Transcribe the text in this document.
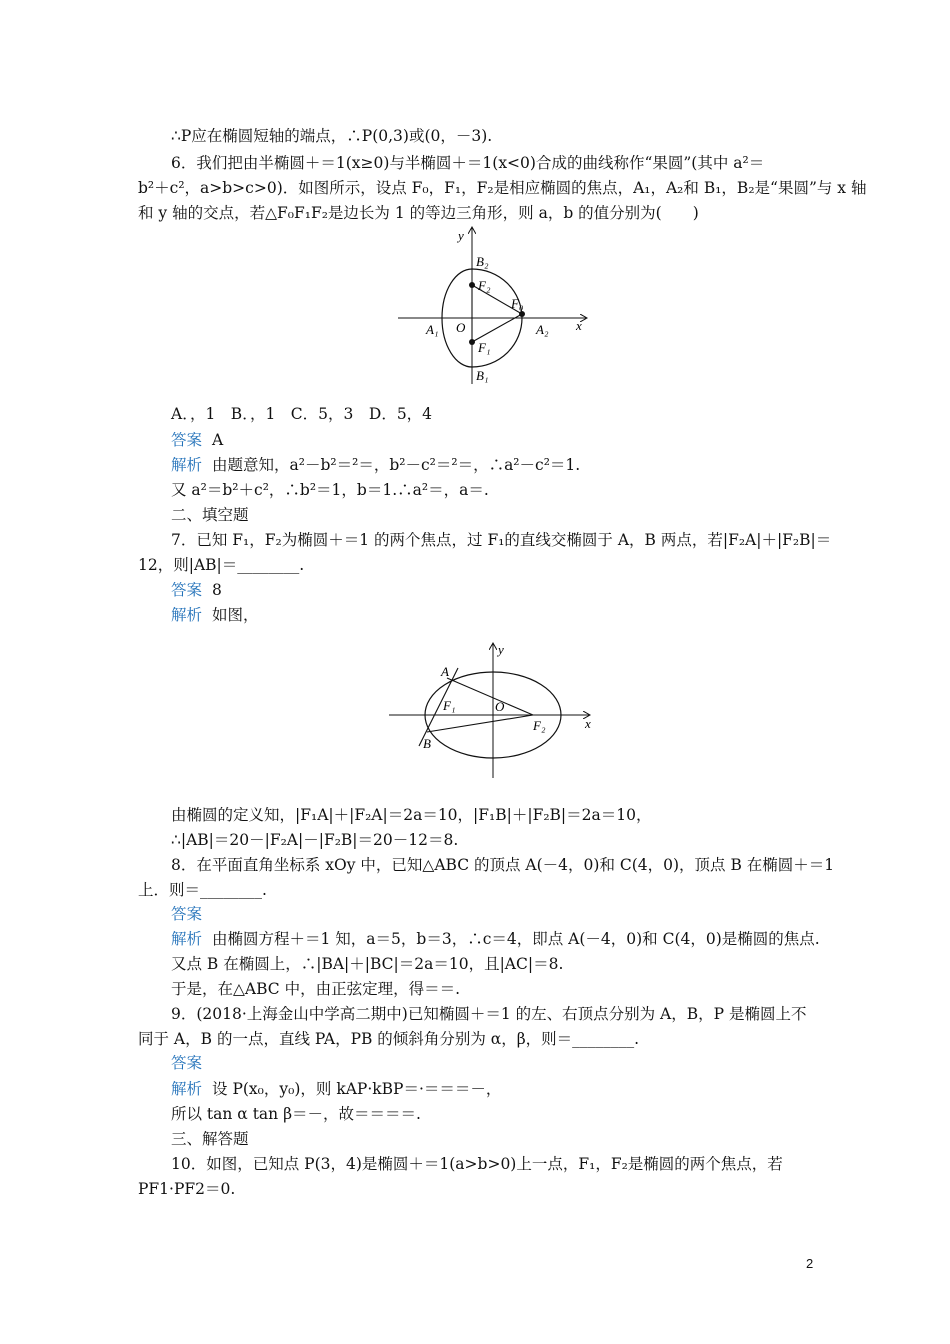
∴P应在椭圆短轴的端点，∴P(0,3)或(0，－3).
6．我们把由半椭圆＋＝1(x≥0)与半椭圆＋＝1(x<0)合成的曲线称作“果圆”(其中 a²＝
b²＋c²，a>b>c>0)．如图所示，设点 F₀，F₁，F₂是相应椭圆的焦点，A₁，A₂和 B₁，B₂是“果圆”与 x 轴
和 y 轴的交点，若△F₀F₁F₂是边长为 1 的等边三角形，则 a，b 的值分别为(　　)
y
x
O
A₁	A₂
B₂
B₁
F₂
F₁
F₀
A．，1　B．，1　C．5，3　D．5，4
答案 A
解析 由题意知，a²－b²＝²＝，b²－c²＝²＝，∴a²－c²＝1.
又 a²＝b²＋c²，∴b²＝1，b＝1.∴a²＝，a＝.
二、填空题
7．已知 F₁，F₂为椭圆＋＝1 的两个焦点，过 F₁的直线交椭圆于 A，B 两点，若|F₂A|＋|F₂B|＝
12，则|AB|＝________.
答案 8
解析 如图，
y
x
O
A
B
F₁
F₂
由椭圆的定义知，|F₁A|＋|F₂A|＝2a＝10，|F₁B|＋|F₂B|＝2a＝10，
∴|AB|＝20－|F₂A|－|F₂B|＝20－12＝8.
8．在平面直角坐标系 xOy 中，已知△ABC 的顶点 A(－4，0)和 C(4，0)，顶点 B 在椭圆＋＝1
上．则＝________.
答案
解析 由椭圆方程＋＝1 知，a＝5，b＝3，∴c＝4，即点 A(－4，0)和 C(4，0)是椭圆的焦点.
又点 B 在椭圆上，∴|BA|＋|BC|＝2a＝10，且|AC|＝8.
于是，在△ABC 中，由正弦定理，得＝＝.
9．(2018·上海金山中学高二期中)已知椭圆＋＝1 的左、右顶点分别为 A，B，P 是椭圆上不
同于 A，B 的一点，直线 PA，PB 的倾斜角分别为 α，β，则＝________.
答案
解析 设 P(x₀，y₀)，则 kAP·kBP＝·＝＝＝－，
所以 tan α tan β＝－，故＝＝＝＝.
三、解答题
10．如图，已知点 P(3，4)是椭圆＋＝1(a>b>0)上一点，F₁，F₂是椭圆的两个焦点，若
PF1·PF2＝0.
2
